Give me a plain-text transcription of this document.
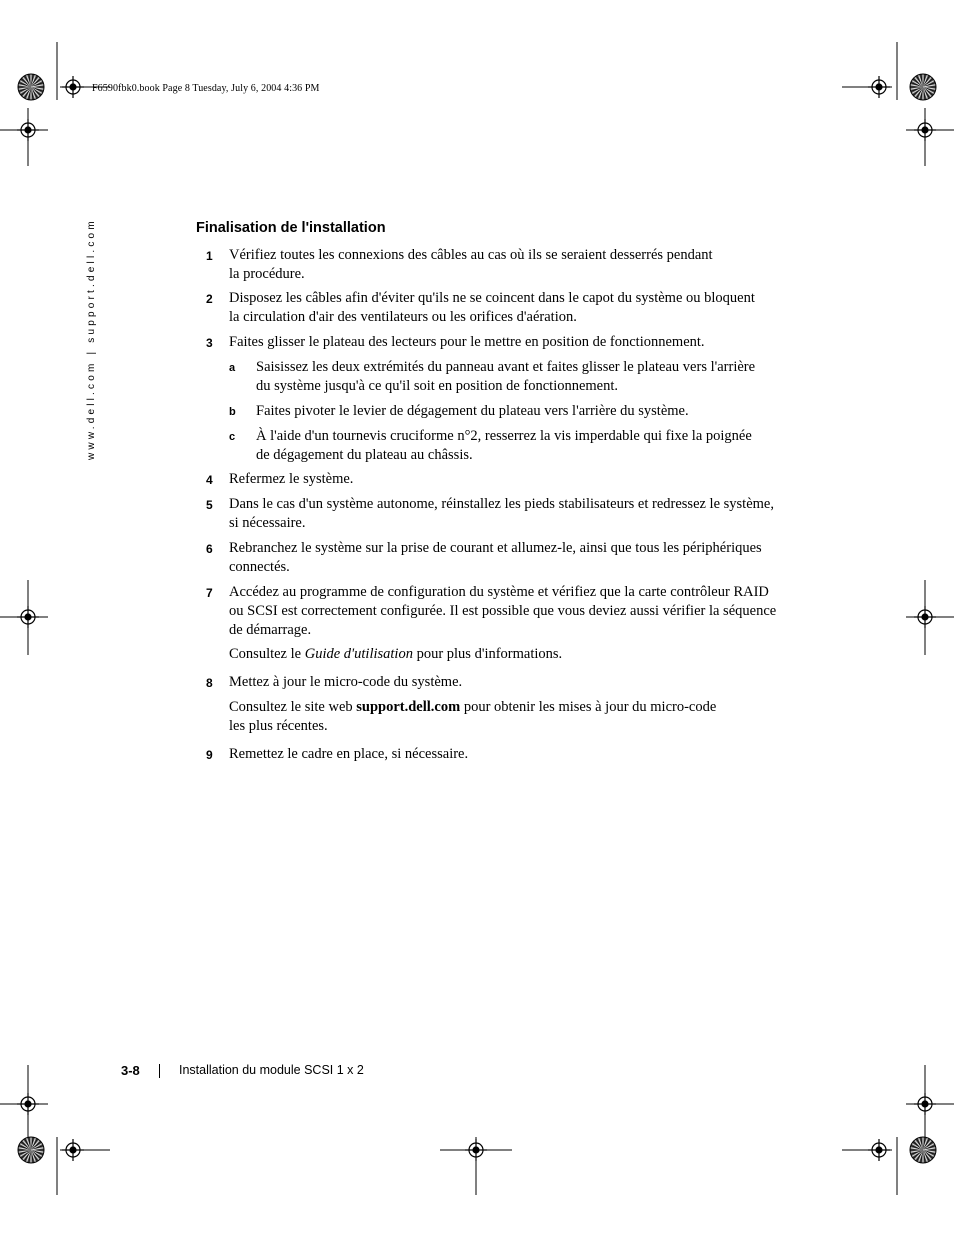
F6590fbk0.book Page 8 Tuesday, July 6, 2004 4:36 PM
www.dell.com | support.dell.com	Finalisation de l'installation
1 Vérifiez toutes les connexions des câbles au cas où ils se seraient desserrés pendant
la procédure.
2 Disposez les câbles afin d'éviter qu'ils ne se coincent dans le capot du système ou bloquent
la circulation d'air des ventilateurs ou les orifices d'aération.
3 Faites glisser le plateau des lecteurs pour le mettre en position de fonctionnement.
4 Refermez le système.
5 Dans le cas d'un système autonome, réinstallez les pieds stabilisateurs et redressez le système,
si nécessaire.
6 Rebranchez le système sur la prise de courant et allumez-le, ainsi que tous les périphériques
connectés.
7 Accédez au programme de configuration du système et vérifiez que la carte contrôleur RAID
ou SCSI est correctement configurée. Il est possible que vous deviez aussi vérifier la séquence
de démarrage.
8 Mettez à jour le micro-code du système.
9 Remettez le cadre en place, si nécessaire.
a Saisissez les deux extrémités du panneau avant et faites glisser le plateau vers l'arrière
du système jusqu'à ce qu'il soit en position de fonctionnement.
b Faites pivoter le levier de dégagement du plateau vers l'arrière du système.
c À l'aide d'un tournevis cruciforme n°2, resserrez la vis imperdable qui fixe la poignée
de dégagement du plateau au châssis.
Consultez le Guide d'utilisation pour plus d'informations.
Consultez le site web support.dell.com pour obtenir les mises à jour du micro-code
les plus récentes.
3-8	Installation du module SCSI 1 x 2
